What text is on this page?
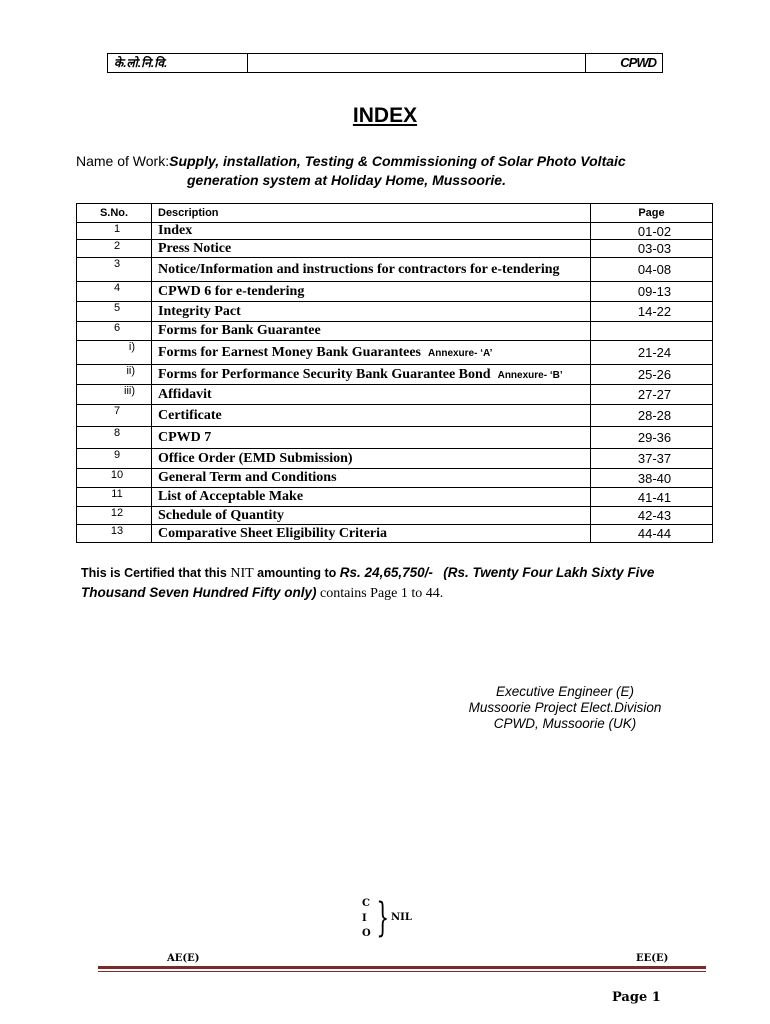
के.लो.नि.वि.	CPWD
INDEX
Name of Work:Supply, installation, Testing & Commissioning of Solar Photo Voltaic
generation system at Holiday Home, Mussoorie.
S.No.	Description	Page
1	Index	01-02
2	Press Notice	03-03
3	Notice/Information and instructions for contractors for e-tendering	04-08
4	CPWD 6 for e-tendering	09-13
5	Integrity Pact	14-22
6	Forms for Bank Guarantee	
i)	Forms for Earnest Money Bank Guarantees Annexure- ‘A’	21-24
ii)	Forms for Performance Security Bank Guarantee Bond Annexure- ‘B’	25-26
iii)	Affidavit	27-27
7	Certificate	28-28
8	CPWD 7	29-36
9	Office Order (EMD Submission)	37-37
10	General Term and Conditions	38-40
11	List of Acceptable Make	41-41
12	Schedule of Quantity	42-43
13	Comparative Sheet Eligibility Criteria	44-44
This is Certified that this NIT amounting to Rs. 24,65,750/- (Rs. Twenty Four Lakh Sixty Five
Thousand Seven Hundred Fifty only) contains Page 1 to 44.
Executive Engineer (E)
Mussoorie Project Elect.Division
CPWD, Mussoorie (UK)
C
I
O } NIL
AE(E)	EE(E)
Page 1
